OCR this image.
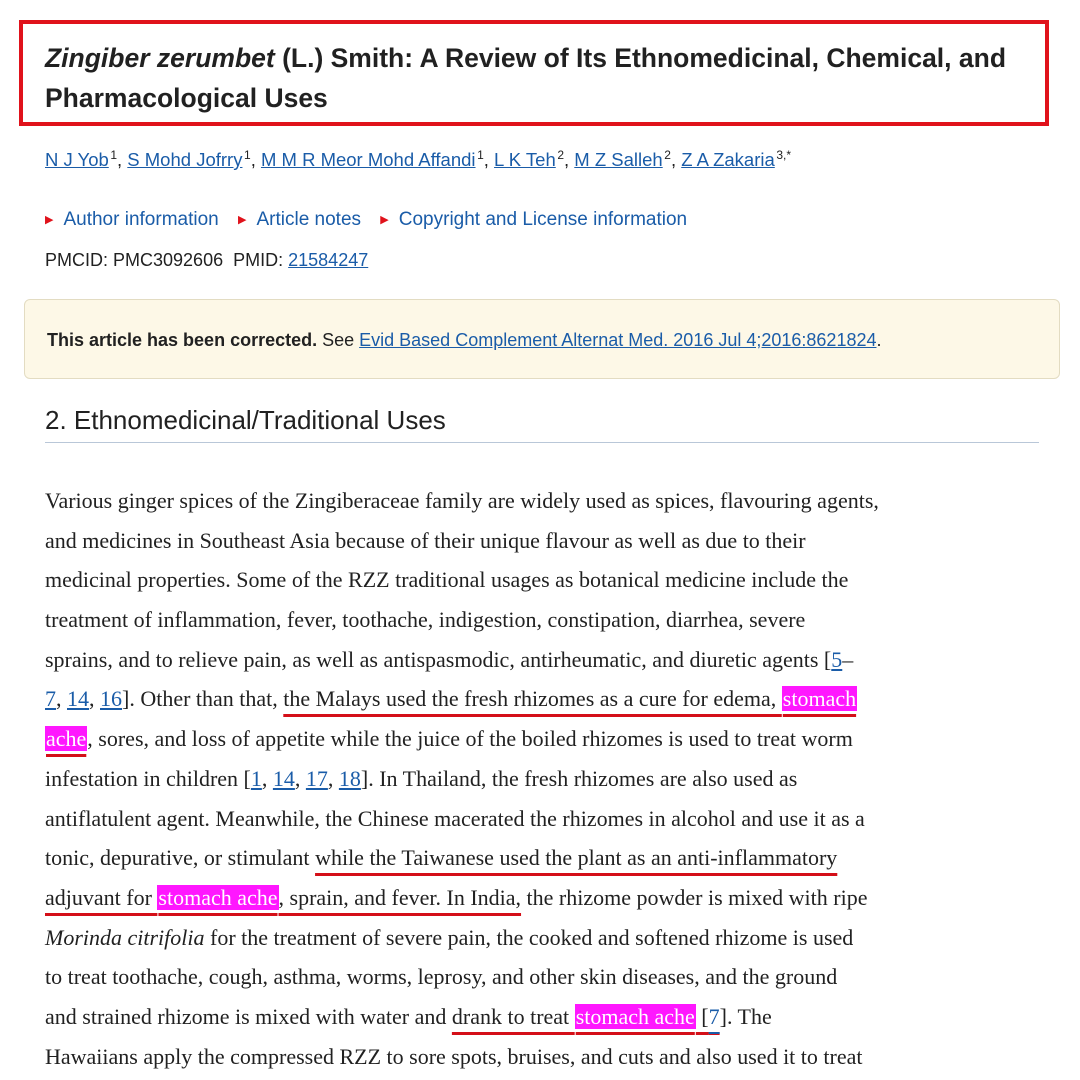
Zingiber zerumbet (L.) Smith: A Review of Its Ethnomedicinal, Chemical, and Pharmacological Uses
N J Yob  $^1$, S Mohd Jofrry  $^1$, M M R Meor Mohd Affandi  $^1$, L K Teh  $^2$, M Z Salleh  $^2$, Z A Zakaria  $^{3,*}$
▶ Author information ▶ Article notes ▶ Copyright and License information
PMCID: PMC3092606 PMID: 21584247
This article has been corrected. See Evid Based Complement Alternat Med. 2016 Jul 4;2016:8621824.
2. Ethnomedicinal/Traditional Uses
Various ginger spices of the Zingiberaceae family are widely used as spices, flavouring agents,
and medicines in Southeast Asia because of their unique flavour as well as due to their
medicinal properties. Some of the RZZ traditional usages as botanical medicine include the
treatment of inflammation, fever, toothache, indigestion, constipation, diarrhea, severe
sprains, and to relieve pain, as well as antispasmodic, antirheumatic, and diuretic agents [5–
7, 14, 16]. Other than that, the Malays used the fresh rhizomes as a cure for edema, stomach
ache, sores, and loss of appetite while the juice of the boiled rhizomes is used to treat worm
infestation in children [1, 14, 17, 18]. In Thailand, the fresh rhizomes are also used as
antiflatulent agent. Meanwhile, the Chinese macerated the rhizomes in alcohol and use it as a
tonic, depurative, or stimulant while the Taiwanese used the plant as an anti-inflammatory
adjuvant for stomach ache, sprain, and fever. In India, the rhizome powder is mixed with ripe
Morinda citrifolia for the treatment of severe pain, the cooked and softened rhizome is used
to treat toothache, cough, asthma, worms, leprosy, and other skin diseases, and the ground
and strained rhizome is mixed with water and drank to treat stomach ache [7]. The
Hawaiians apply the compressed RZZ to sore spots, bruises, and cuts and also used it to treat
